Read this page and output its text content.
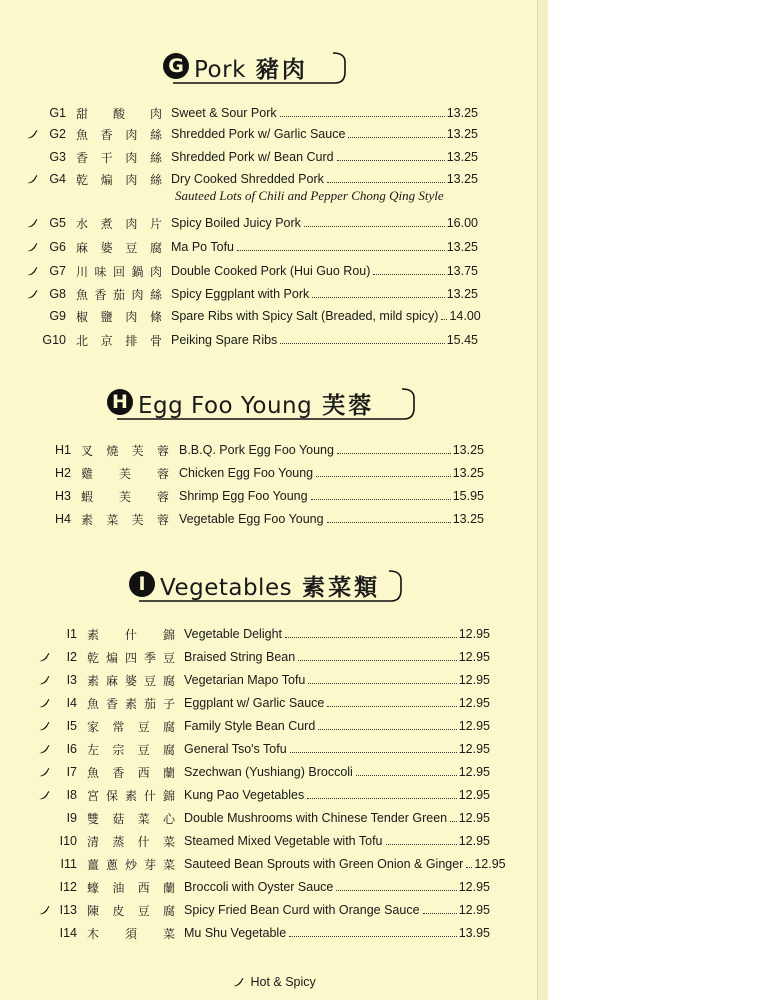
G Pork 豬肉
G1 甜 酸 肉 Sweet & Sour Pork	13.25
G2 魚 香 肉 絲 Shredded Pork w/ Garlic Sauce	13.25
G3 香 干 肉 絲 Shredded Pork w/ Bean Curd	13.25
G4 乾 煸 肉 絲 Dry Cooked Shredded Pork	13.25
G5 水 煮 肉 片 Spicy Boiled Juicy Pork	16.00
G6 麻 婆 豆 腐 Ma Po Tofu	13.25
G7 川 味 回 鍋 肉 Double Cooked Pork (Hui Guo Rou)	13.75
G8 魚 香 茄 肉 絲 Spicy Eggplant with Pork	13.25
G9 椒 鹽 肉 條 Spare Ribs with Spicy Salt (Breaded, mild spicy) 14.00
G10 北 京 排 骨 Peiking Spare Ribs	15.45
H Egg Foo Young 芙蓉
H1 叉 燒 芙 蓉 B.B.Q. Pork Egg Foo Young	13.25
H2 雞 芙 蓉 Chicken Egg Foo Young	13.25
H3 蝦 芙 蓉 Shrimp Egg Foo Young	15.95
H4 素 菜 芙 蓉 Vegetable Egg Foo Young	13.25
I Vegetables 素菜類
I1 素 什 錦 Vegetable Delight	12.95
I2 乾 煸 四 季 豆 Braised String Bean	12.95
I3 素 麻 婆 豆 腐 Vegetarian Mapo Tofu	12.95
I4 魚 香 素 茄 子 Eggplant w/ Garlic Sauce	12.95
I5 家 常 豆 腐 Family Style Bean Curd	12.95
I6 左 宗 豆 腐 General Tso's Tofu	12.95
I7 魚 香 西 蘭 Szechwan (Yushiang) Broccoli	12.95
I8 宮 保 素 什 錦 Kung Pao Vegetables	12.95
I9 雙 菇 菜 心 Double Mushrooms with Chinese Tender Green 12.95
I10 清 蒸 什 菜 Steamed Mixed Vegetable with Tofu	12.95
I11 薑 蔥 炒 芽 菜 Sauteed Bean Sprouts with Green Onion & Ginger 12.95
I12 蠔 油 西 蘭 Broccoli with Oyster Sauce	12.95
I13 陳 皮 豆 腐 Spicy Fried Bean Curd with Orange Sauce	12.95
I14 木 須 菜 Mu Shu Vegetable	13.95
Sauteed Lots of Chili and Pepper Chong Qing Style
Hot & Spicy
